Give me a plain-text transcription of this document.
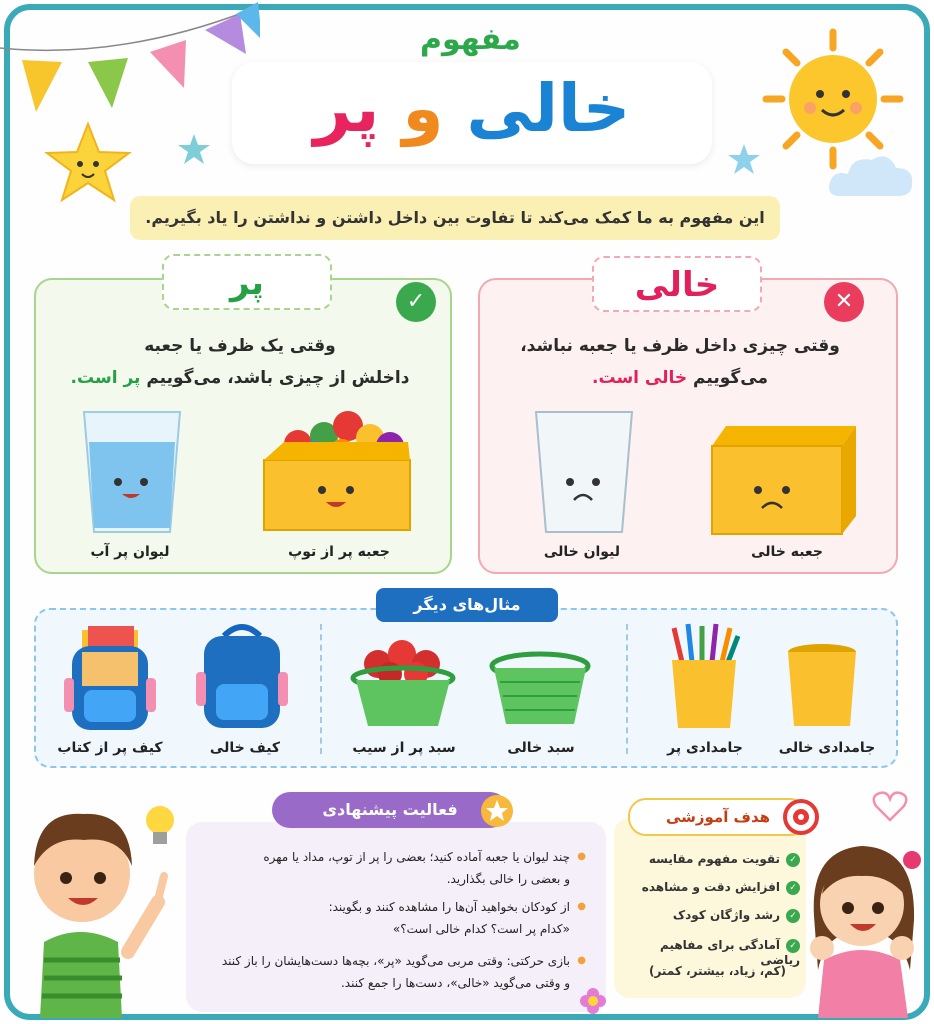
مفهوم
خالی و پر
این مفهوم به ما کمک می‌کند تا تفاوت بین داخل داشتن و نداشتن را یاد بگیریم.
پر	✓
وقتی یک ظرف یا جعبه
داخلش از چیزی باشد، می‌گوییم پر است.
جعبه پر از توپ
لیوان پر آب
خالی	✕
وقتی چیزی داخل ظرف یا جعبه نباشد،
می‌گوییم خالی است.
جعبه خالی
لیوان خالی
مثال‌های دیگر
جامدادی خالی
جامدادی پر
سبد خالی
سبد پر از سیب
کیف خالی
کیف پر از کتاب
فعالیت پیشنهادی
● چند لیوان یا جعبه آماده کنید؛ بعضی را پر از توپ، مداد یا مهره
و بعضی را خالی بگذارید.
● از کودکان بخواهید آن‌ها را مشاهده کنند و بگویند:
«کدام پر است؟ کدام خالی است؟»
● بازی حرکتی: وقتی مربی می‌گوید «پر»، بچه‌ها دست‌هایشان را باز کنند
و وقتی می‌گوید «خالی»، دست‌ها را جمع کنند.
هدف آموزشی
✓تقویت مفهوم مقایسه
✓افزایش دقت و مشاهده
✓رشد واژگان کودک
✓آمادگی برای مفاهیم ریاضی
(کم، زیاد، بیشتر، کمتر)
